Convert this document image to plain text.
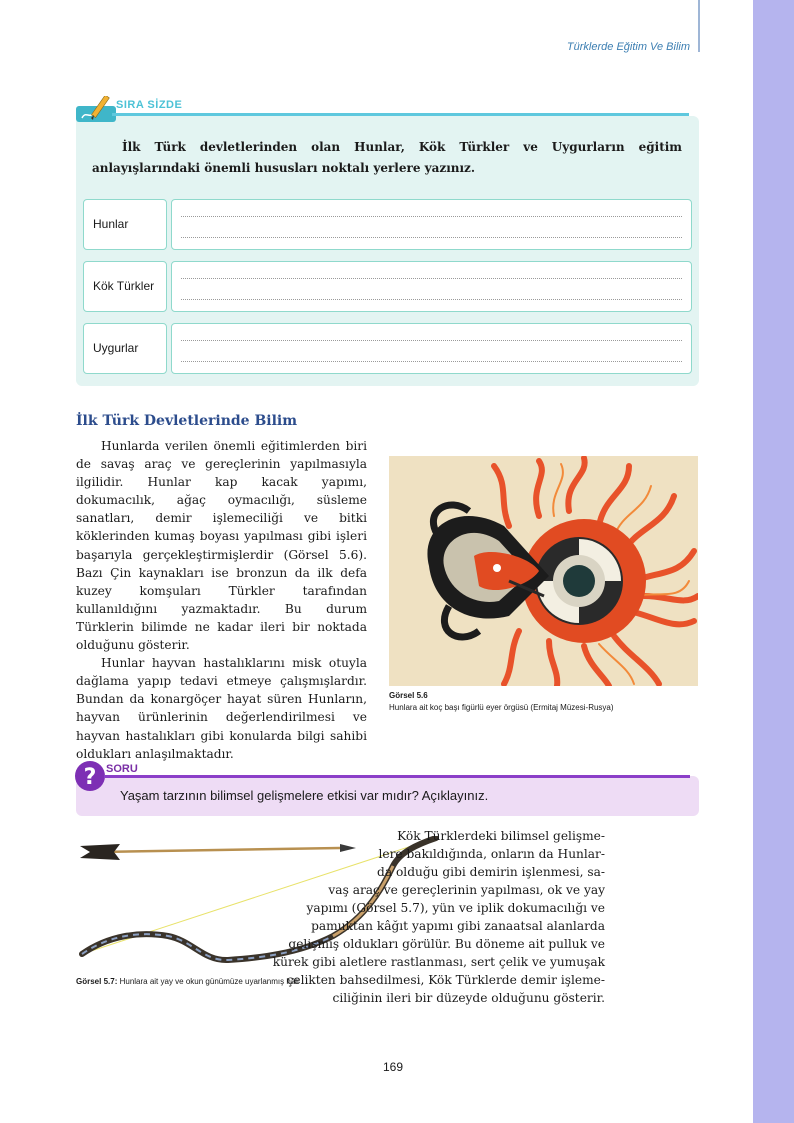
Türklerde Eğitim Ve Bilim
SIRA SİZDE
İlk Türk devletlerinden olan Hunlar, Kök Türkler ve Uygurların eğitim anlayışlarındaki önemli hususları noktalı yerlere yazınız.
Hunlar
Kök Türkler
Uygurlar
İlk Türk Devletlerinde Bilim

Hunlarda verilen önemli eğitimlerden biri de savaş araç ve gereçlerinin yapılmasıyla ilgilidir. Hunlar kap kacak yapımı, dokumacılık, ağaç oymacılığı, süsleme sanatları, demir işlemeciliği ve bitki köklerinden kumaş boyası yapılması gibi işleri başarıyla gerçekleştirmişlerdir (Görsel 5.6). Bazı Çin kaynakları ise bronzun da ilk defa kuzey komşuları Türkler tarafından kullanıldığını yazmaktadır. Bu durum Türklerin bilimde ne kadar ileri bir noktada olduğunu gösterir.

Hunlar hayvan hastalıklarını misk otuyla dağlama yapıp tedavi etmeye çalışmışlardır. Bundan da konargöçer hayat süren Hunların, hayvan ürünlerinin değerlendirilmesi ve hayvan hastalıkları gibi konularda bilgi sahibi oldukları anlaşılmaktadır.

Görsel 5.6
Hunlara ait koç başı figürlü eyer örgüsü (Ermitaj Müzesi-Rusya)
? SORU
Yaşam tarzının bilimsel gelişmelere etkisi var mıdır? Açıklayınız.
Görsel 5.7: Hunlara ait yay ve okun günümüze uyarlanmış hâli
Kök Türklerdeki bilimsel gelişme-
lere bakıldığında, onların da Hunlar-
da olduğu gibi demirin işlenmesi, sa-
vaş araç ve gereçlerinin yapılması, ok ve yay
yapımı (Görsel 5.7), yün ve iplik dokumacılığı ve
pamuktan kâğıt yapımı gibi zanaatsal alanlarda
gelişmiş oldukları görülür. Bu döneme ait pulluk ve
kürek gibi aletlere rastlanması, sert çelik ve yumuşak
çelikten bahsedilmesi, Kök Türklerde demir işleme-
ciliğinin ileri bir düzeyde olduğunu gösterir.
169
